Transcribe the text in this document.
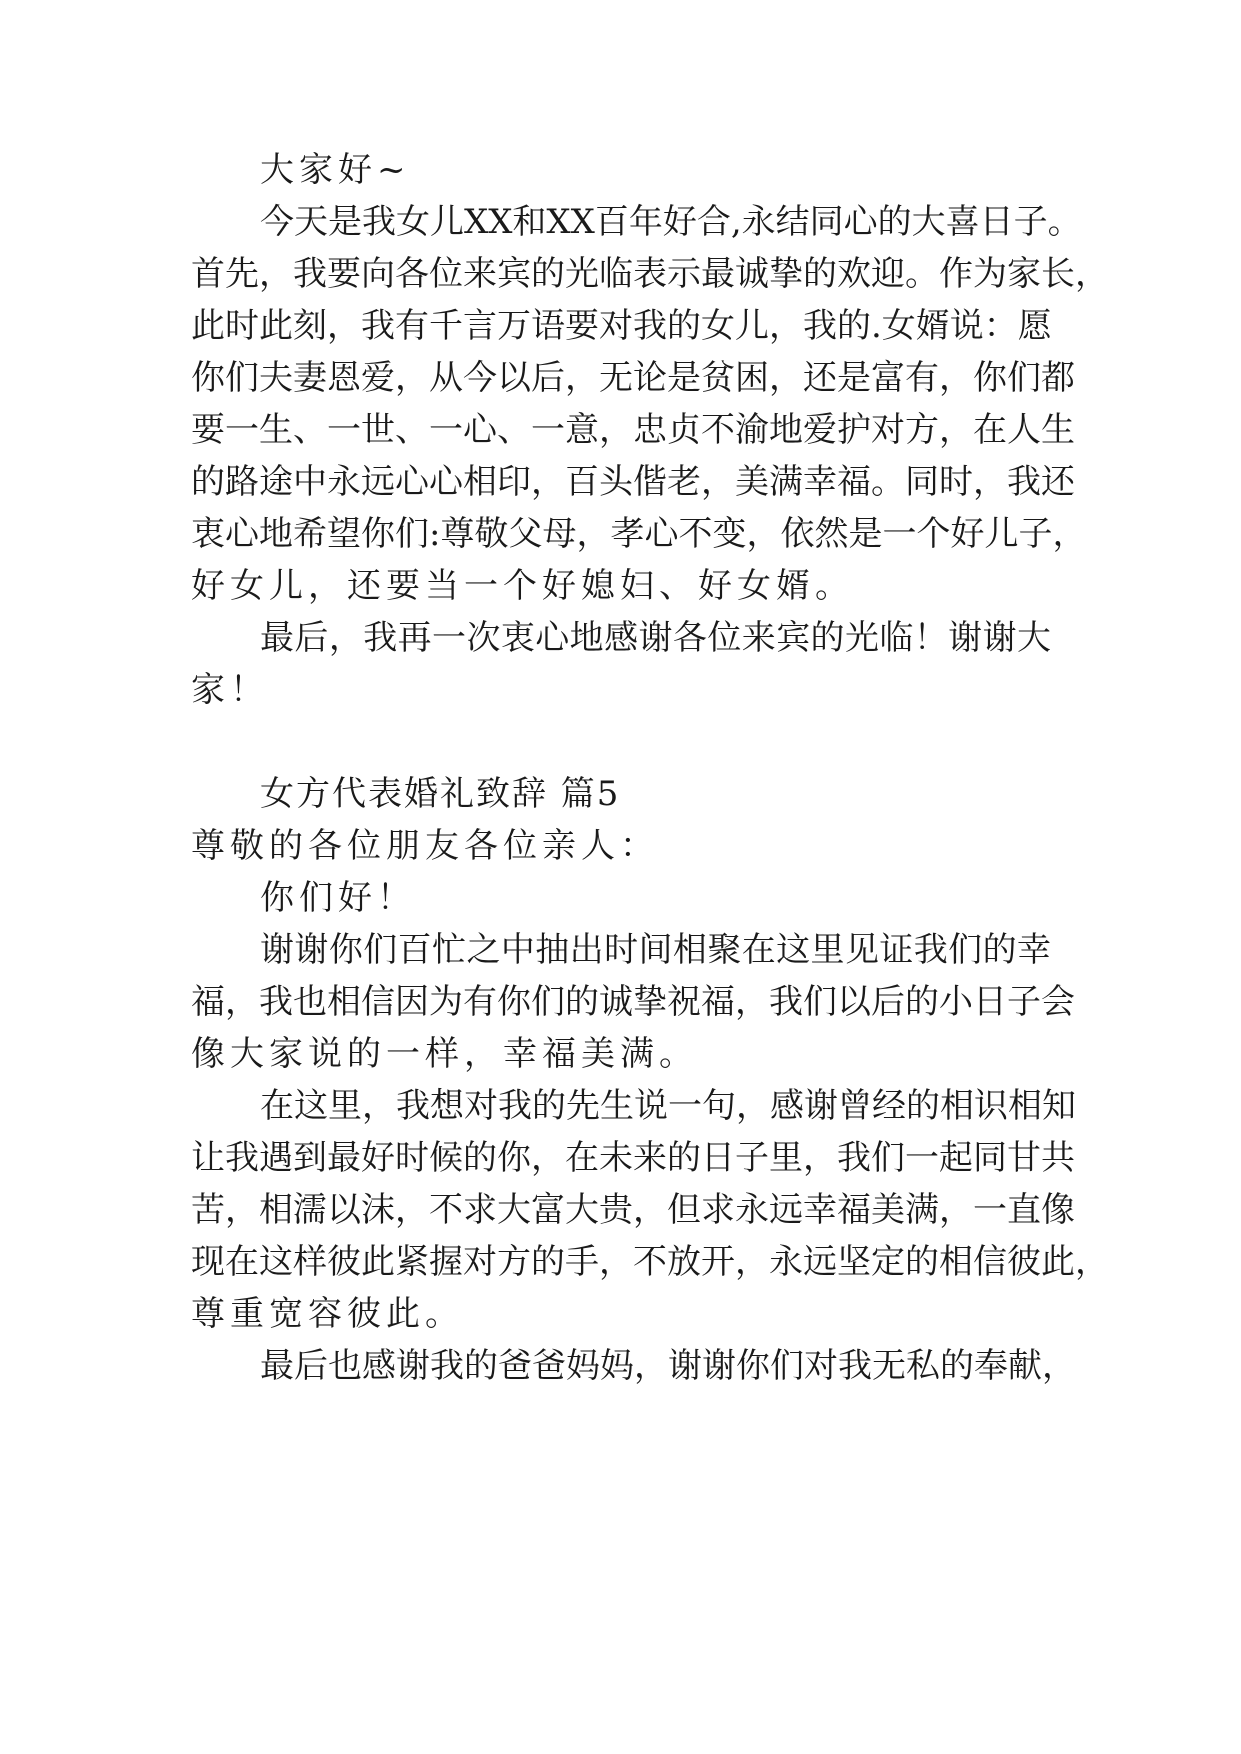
大家好~
今天是我女儿XX和XX百年好合,永结同心的大喜日子。
首先，我要向各位来宾的光临表示最诚挚的欢迎。作为家长，
此时此刻，我有千言万语要对我的女儿，我的.女婿说：愿
你们夫妻恩爱，从今以后，无论是贫困，还是富有，你们都
要一生、一世、一心、一意，忠贞不渝地爱护对方，在人生
的路途中永远心心相印，百头偕老，美满幸福。同时，我还
衷心地希望你们:尊敬父母，孝心不变，依然是一个好儿子，
好女儿，还要当一个好媳妇、好女婿。
最后，我再一次衷心地感谢各位来宾的光临！谢谢大
家！
女方代表婚礼致辞 篇5
尊敬的各位朋友各位亲人：
你们好！
谢谢你们百忙之中抽出时间相聚在这里见证我们的幸
福，我也相信因为有你们的诚挚祝福，我们以后的小日子会
像大家说的一样，幸福美满。
在这里，我想对我的先生说一句，感谢曾经的相识相知
让我遇到最好时候的你，在未来的日子里，我们一起同甘共
苦，相濡以沫，不求大富大贵，但求永远幸福美满，一直像
现在这样彼此紧握对方的手，不放开，永远坚定的相信彼此，
尊重宽容彼此。
最后也感谢我的爸爸妈妈，谢谢你们对我无私的奉献，
